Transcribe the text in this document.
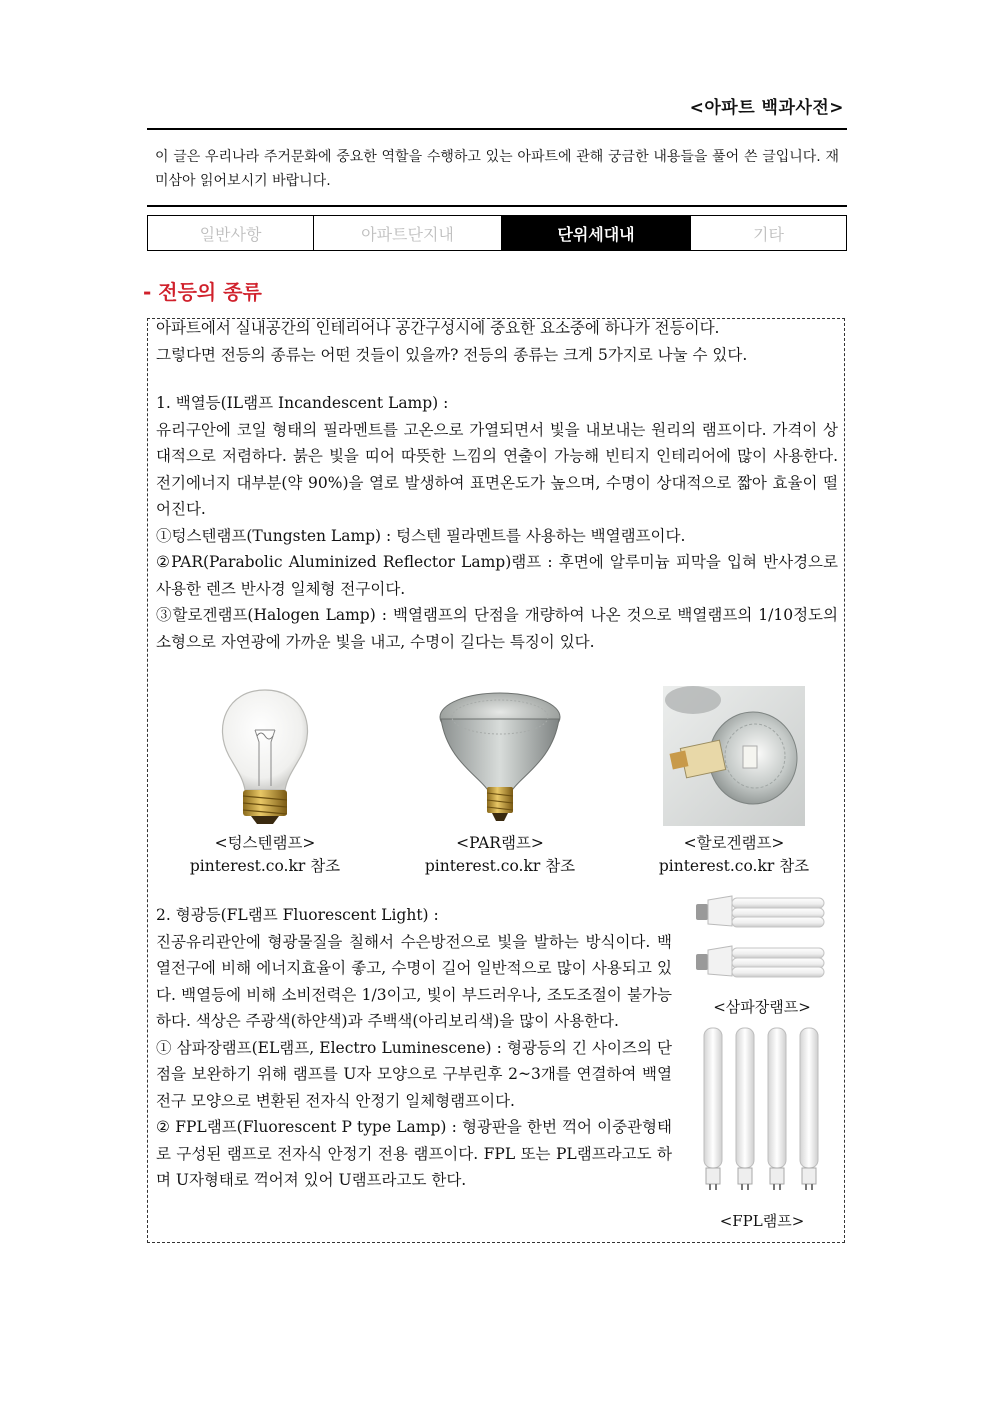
<아파트 백과사전>
이 글은 우리나라 주거문화에 중요한 역할을 수행하고 있는 아파트에 관해 궁금한 내용들을 풀어 쓴 글입니다. 재미삼아 읽어보시기 바랍니다.
일반사항	아파트단지내	단위세대내	기타
- 전등의 종류

아파트에서 실내공간의 인테리어나 공간구성시에 중요한 요소중에 하나가 전등이다.

그렇다면 전등의 종류는 어떤 것들이 있을까? 전등의 종류는 크게 5가지로 나눌 수 있다.

1. 백열등(IL램프 Incandescent Lamp) :

유리구안에 코일 형태의 필라멘트를 고온으로 가열되면서 빛을 내보내는 원리의 램프이다. 가격이 상대적으로 저렴하다. 붉은 빛을 띠어 따뜻한 느낌의 연출이 가능해 빈티지 인테리어에 많이 사용한다. 전기에너지 대부분(약 90%)을 열로 발생하여 표면온도가 높으며, 수명이 상대적으로 짧아 효율이 떨어진다.

①텅스텐램프(Tungsten Lamp) : 텅스텐 필라멘트를 사용하는 백열램프이다.

②PAR(Parabolic Aluminized Reflector Lamp)램프 : 후면에 알루미늄 피막을 입혀 반사경으로 사용한 렌즈 반사경 일체형 전구이다.

③할로겐램프(Halogen Lamp) : 백열램프의 단점을 개량하여 나온 것으로 백열램프의 1/10정도의 소형으로 자연광에 가까운 빛을 내고, 수명이 길다는 특징이 있다.

<텅스텐램프>
pinterest.co.kr 참조
<PAR램프>
pinterest.co.kr 참조
<할로겐램프>
pinterest.co.kr 참조

2. 형광등(FL램프 Fluorescent Light) :

진공유리관안에 형광물질을 칠해서 수은방전으로 빛을 발하는 방식이다. 백열전구에 비해 에너지효율이 좋고, 수명이 길어 일반적으로 많이 사용되고 있다. 백열등에 비해 소비전력은 1/3이고, 빛이 부드러우나, 조도조절이 불가능하다. 색상은 주광색(하얀색)과 주백색(아리보리색)을 많이 사용한다.

① 삼파장램프(EL램프, Electro Luminescene) : 형광등의 긴 사이즈의 단점을 보완하기 위해 램프를 U자 모양으로 구부린후 2~3개를 연결하여 백열전구 모양으로 변환된 전자식 안정기 일체형램프이다.

② FPL램프(Fluorescent P type Lamp) : 형광판을 한번 꺽어 이중관형태로 구성된 램프로 전자식 안정기 전용 램프이다. FPL 또는 PL램프라고도 하며 U자형태로 꺽어져 있어 U램프라고도 한다.

<삼파장램프>
<FPL램프>
